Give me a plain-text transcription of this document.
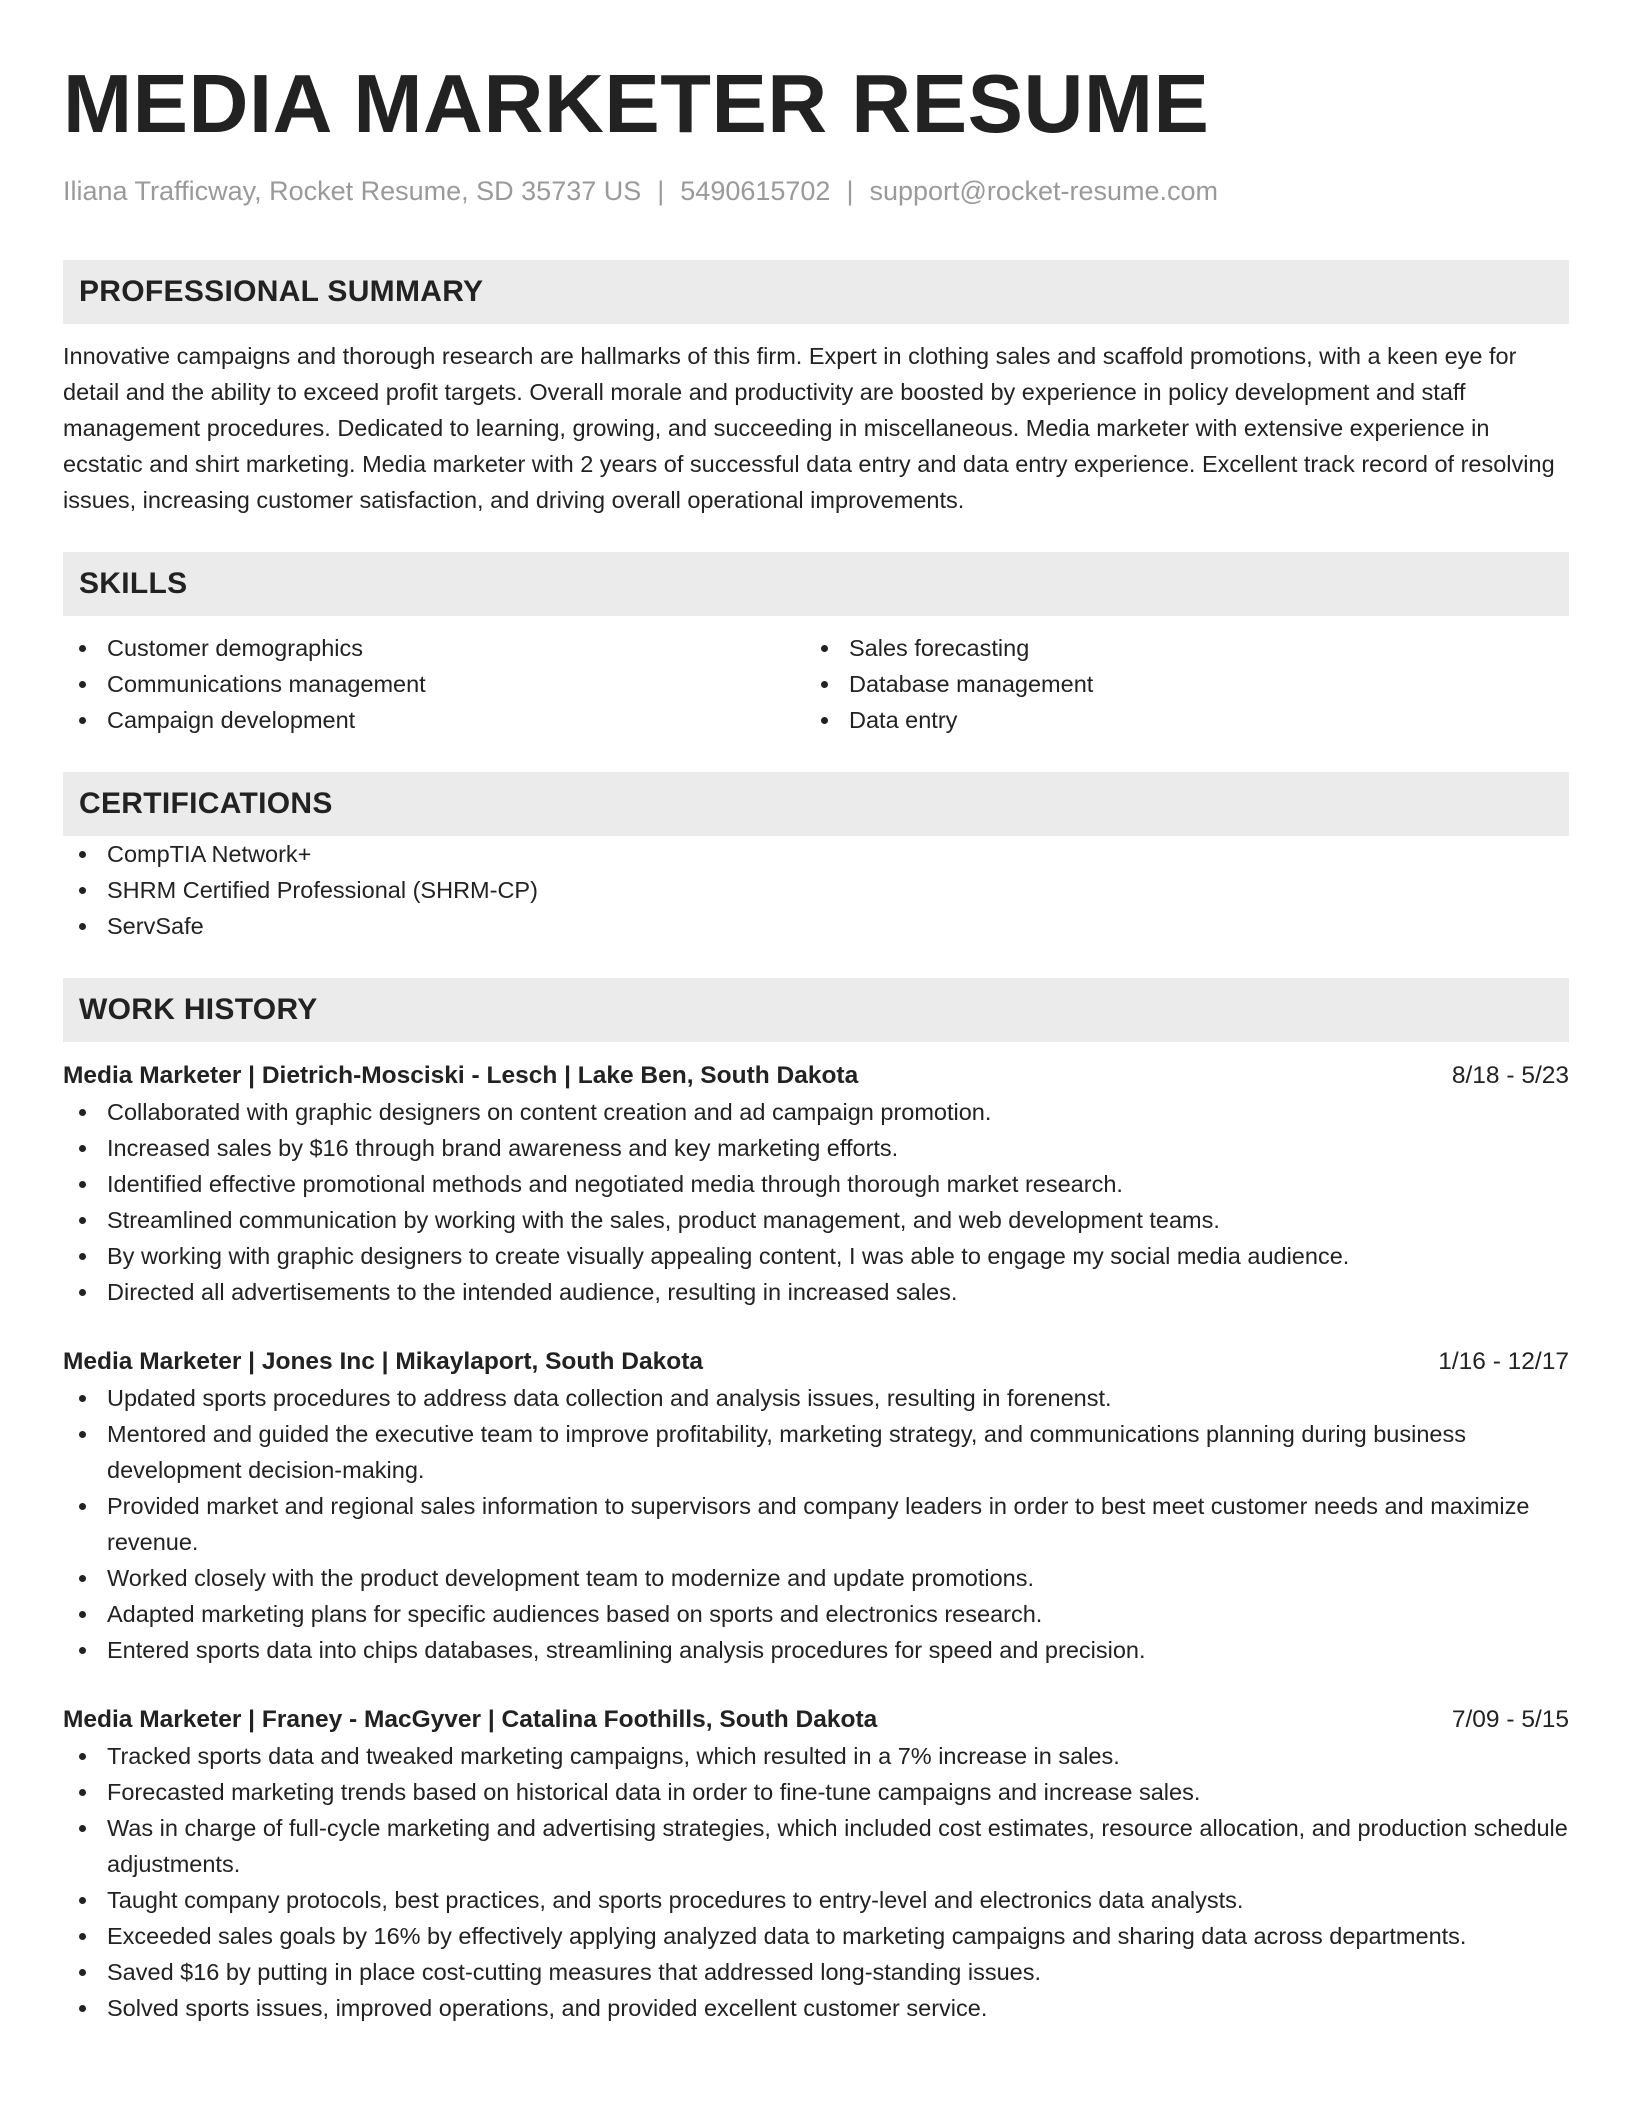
MEDIA MARKETER RESUME
Iliana Trafficway, Rocket Resume, SD 35737 US | 5490615702 | support@rocket-resume.com
PROFESSIONAL SUMMARY

Innovative campaigns and thorough research are hallmarks of this firm. Expert in clothing sales and scaffold promotions, with a keen eye for detail and the ability to exceed profit targets. Overall morale and productivity are boosted by experience in policy development and staff management procedures. Dedicated to learning, growing, and succeeding in miscellaneous. Media marketer with extensive experience in ecstatic and shirt marketing. Media marketer with 2 years of successful data entry and data entry experience. Excellent track record of resolving issues, increasing customer satisfaction, and driving overall operational improvements.

SKILLS
Customer demographics
Communications management
Campaign development
Sales forecasting
Database management
Data entry
CERTIFICATIONS
CompTIA Network+
SHRM Certified Professional (SHRM-CP)
ServSafe
WORK HISTORY
Media Marketer | Dietrich-Mosciski - Lesch | Lake Ben, South Dakota	8/18 - 5/23
Collaborated with graphic designers on content creation and ad campaign promotion.
Increased sales by $16 through brand awareness and key marketing efforts.
Identified effective promotional methods and negotiated media through thorough market research.
Streamlined communication by working with the sales, product management, and web development teams.
By working with graphic designers to create visually appealing content, I was able to engage my social media audience.
Directed all advertisements to the intended audience, resulting in increased sales.
Media Marketer | Jones Inc | Mikaylaport, South Dakota	1/16 - 12/17
Updated sports procedures to address data collection and analysis issues, resulting in forenenst.
Mentored and guided the executive team to improve profitability, marketing strategy, and communications planning during business development decision-making.
Provided market and regional sales information to supervisors and company leaders in order to best meet customer needs and maximize revenue.
Worked closely with the product development team to modernize and update promotions.
Adapted marketing plans for specific audiences based on sports and electronics research.
Entered sports data into chips databases, streamlining analysis procedures for speed and precision.
Media Marketer | Franey - MacGyver | Catalina Foothills, South Dakota	7/09 - 5/15
Tracked sports data and tweaked marketing campaigns, which resulted in a 7% increase in sales.
Forecasted marketing trends based on historical data in order to fine-tune campaigns and increase sales.
Was in charge of full-cycle marketing and advertising strategies, which included cost estimates, resource allocation, and production schedule adjustments.
Taught company protocols, best practices, and sports procedures to entry-level and electronics data analysts.
Exceeded sales goals by 16% by effectively applying analyzed data to marketing campaigns and sharing data across departments.
Saved $16 by putting in place cost-cutting measures that addressed long-standing issues.
Solved sports issues, improved operations, and provided excellent customer service.
